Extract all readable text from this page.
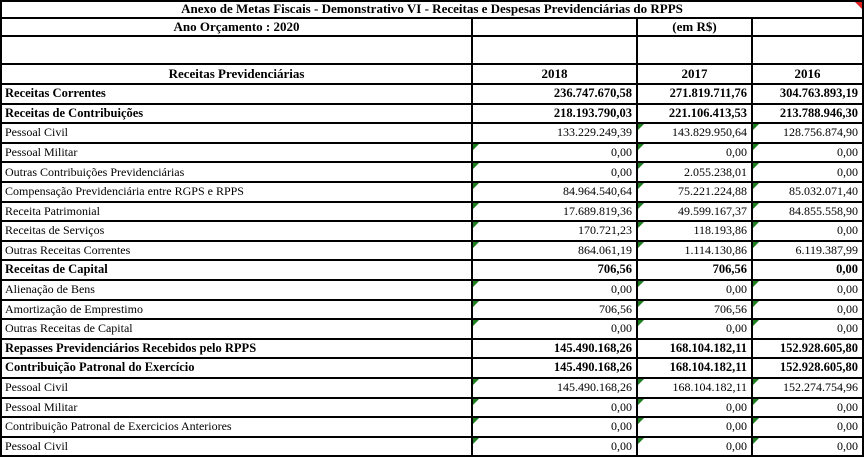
Anexo de Metas Fiscais - Demonstrativo VI - Receitas e Despesas Previdenciárias do RPPS			

Ano Orçamento : 2020		(em R$)	

Receitas Previdenciárias	2018	2017	2016
Receitas Correntes	236.747.670,58	271.819.711,76	304.763.893,19
Receitas de Contribuições	218.193.790,03	221.106.413,53	213.788.946,30
Pessoal Civil	133.229.249,39	143.829.950,64	128.756.874,90
Pessoal Militar	0,00	0,00	0,00
Outras Contribuições Previdenciárias	0,00	2.055.238,01	0,00
Compensação Previdenciária entre RGPS e RPPS	84.964.540,64	75.221.224,88	85.032.071,40
Receita Patrimonial	17.689.819,36	49.599.167,37	84.855.558,90
Receitas de Serviços	170.721,23	118.193,86	0,00
Outras Receitas Correntes	864.061,19	1.114.130,86	6.119.387,99
Receitas de Capital	706,56	706,56	0,00
Alienação de Bens	0,00	0,00	0,00
Amortização de Emprestimo	706,56	706,56	0,00
Outras Receitas de Capital	0,00	0,00	0,00
Repasses Previdenciários Recebidos pelo RPPS	145.490.168,26	168.104.182,11	152.928.605,80
Contribuição Patronal do Exercício	145.490.168,26	168.104.182,11	152.928.605,80
Pessoal Civil	145.490.168,26	168.104.182,11	152.274.754,96
Pessoal Militar	0,00	0,00	0,00
Contribuição Patronal de Exercicios Anteriores	0,00	0,00	0,00
Pessoal Civil	0,00	0,00	0,00
